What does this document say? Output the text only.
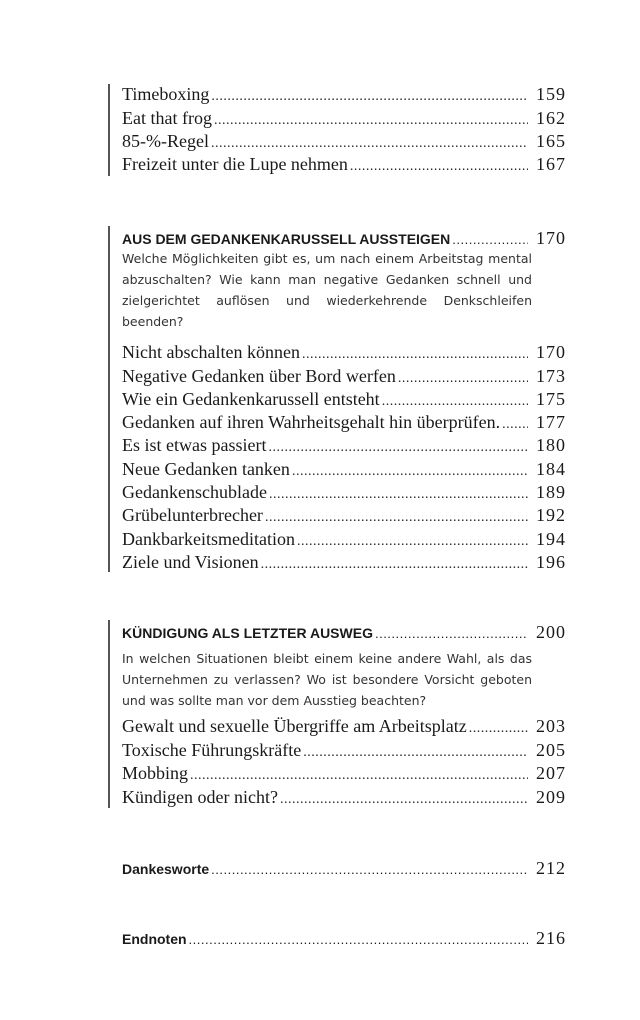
Timeboxing .....	159
Eat that frog .....	162
85-%-Regel .....	165
Freizeit unter die Lupe nehmen .....	167
AUS DEM GEDANKENKARUSSELL AUSSTEIGEN .....	170
Welche Möglichkeiten gibt es, um nach einem Arbeitstag mental abzuschalten? Wie kann man negative Gedanken schnell und zielgerichtet auflösen und wiederkehrende Denkschleifen beenden?
Nicht abschalten können .....	170
Negative Gedanken über Bord werfen .....	173
Wie ein Gedankenkarussell entsteht .....	175
Gedanken auf ihren Wahrheitsgehalt hin überprüfen. ..... 177
Es ist etwas passiert .....	180
Neue Gedanken tanken .....	184
Gedankenschublade .....	189
Grübelunterbrecher .....	192
Dankbarkeitsmeditation .....	194
Ziele und Visionen .....	196
KÜNDIGUNG ALS LETZTER AUSWEG .....	200
In welchen Situationen bleibt einem keine andere Wahl, als das Unternehmen zu verlassen? Wo ist besondere Vorsicht geboten und was sollte man vor dem Ausstieg beachten?
Gewalt und sexuelle Übergriffe am Arbeitsplatz .....	203
Toxische Führungskräfte .....	205
Mobbing .....	207
Kündigen oder nicht? .....	209
Dankesworte .....	212
Endnoten .....	216
